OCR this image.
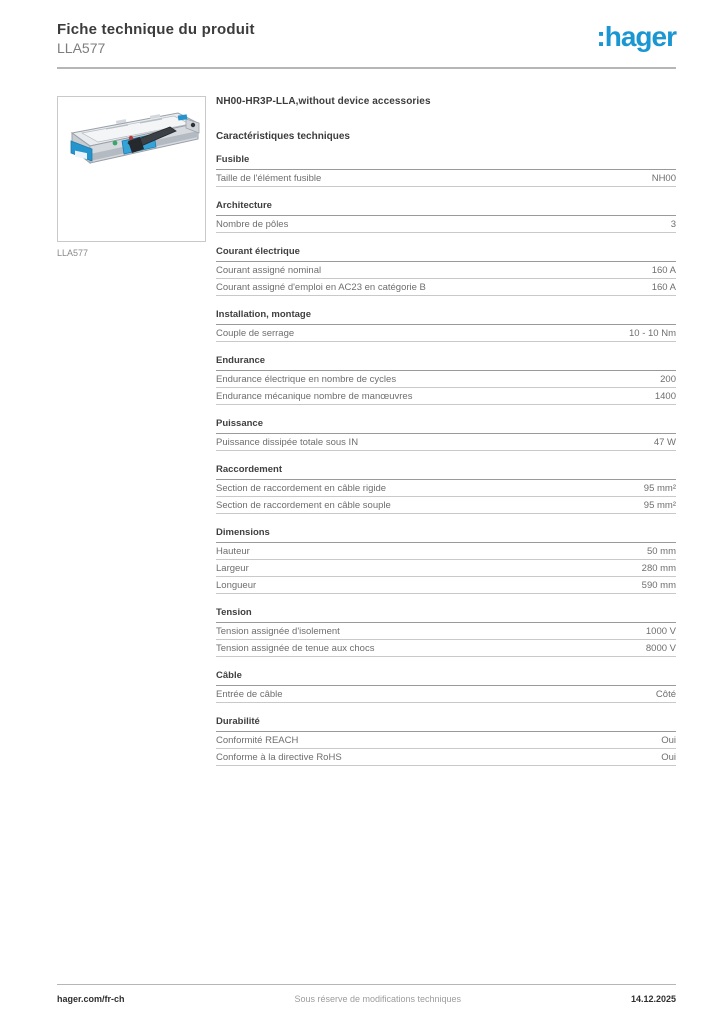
Fiche technique du produit
LLA577	:hager
LLA577
NH00-HR3P-LLA,without device accessories
Caractéristiques techniques
Fusible
Taille de l'élément fusible	NH00
Architecture
Nombre de pôles	3
Courant électrique
Courant assigné nominal	160 A
Courant assigné d'emploi en AC23 en catégorie B	160 A
Installation, montage
Couple de serrage	10 - 10 Nm
Endurance
Endurance électrique en nombre de cycles	200
Endurance mécanique nombre de manœuvres	1400
Puissance
Puissance dissipée totale sous IN	47 W
Raccordement
Section de raccordement en câble rigide	95 mm²
Section de raccordement en câble souple	95 mm²
Dimensions
Hauteur	50 mm
Largeur	280 mm
Longueur	590 mm
Tension
Tension assignée d'isolement	1000 V
Tension assignée de tenue aux chocs	8000 V
Câble
Entrée de câble	Côté
Durabilité
Conformité REACH	Oui
Conforme à la directive RoHS	Oui
hager.com/fr-ch	Sous réserve de modifications techniques	14.12.2025
